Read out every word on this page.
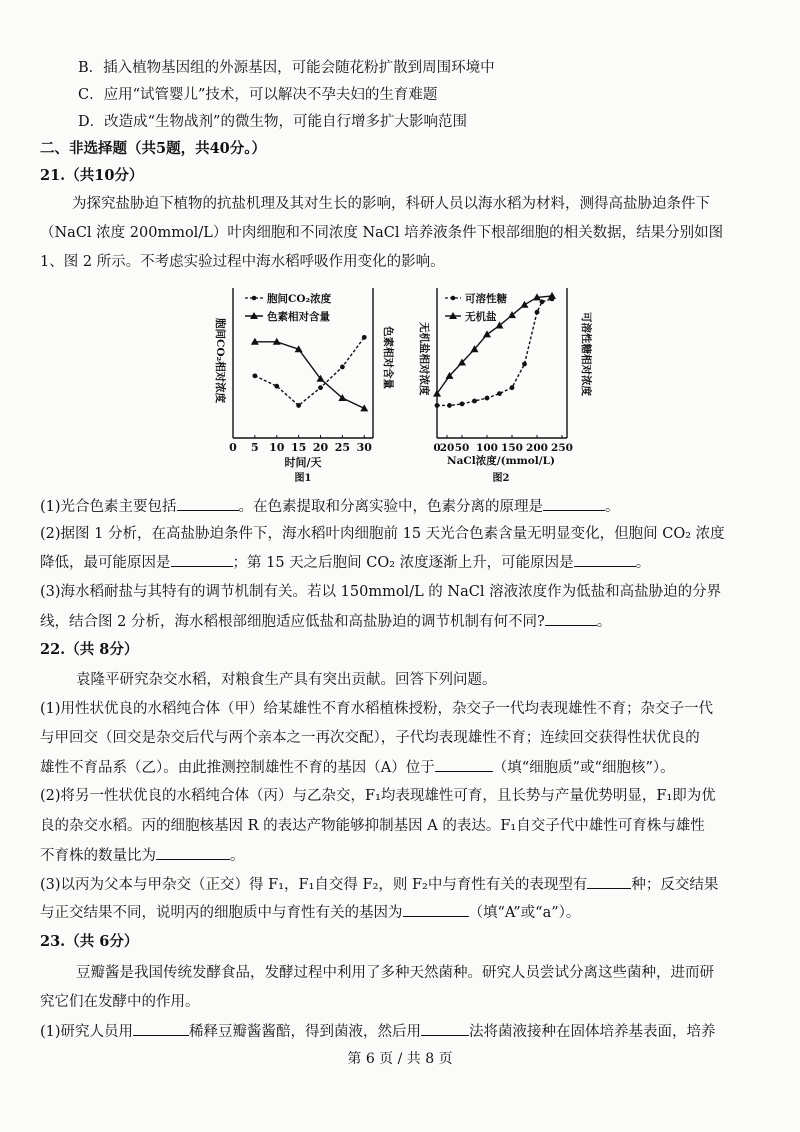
B．插入植物基因组的外源基因，可能会随花粉扩散到周围环境中
C．应用“试管婴儿”技术，可以解决不孕夫妇的生育难题
D．改造成“生物战剂”的微生物，可能自行增多扩大影响范围
二、非选择题（共5题，共40分。）
21.（共10分）
为探究盐胁迫下植物的抗盐机理及其对生长的影响，科研人员以海水稻为材料，测得高盐胁迫条件下
（NaCl 浓度 200mmol/L）叶肉细胞和不同浓度 NaCl 培养液条件下根部细胞的相关数据，结果分别如图
1、图 2 所示。不考虑实验过程中海水稻呼吸作用变化的影响。
胞间CO₂相对浓度	色素相对含量
0 5 10 15 20 25 30
时间/天
图1
胞间CO₂浓度
色素相对含量
无机盐相对浓度	可溶性糖相对浓度
0 20 50 100 150 200 250
NaCl浓度/(mmol/L)
图2
可溶性糖
无机盐
(1)光合色素主要包括	。在色素提取和分离实验中，色素分离的原理是	。
(2)据图 1 分析，在高盐胁迫条件下，海水稻叶肉细胞前 15 天光合色素含量无明显变化，但胞间 CO₂ 浓度
降低，最可能原因是	；第 15 天之后胞间 CO₂ 浓度逐渐上升，可能原因是	。
(3)海水稻耐盐与其特有的调节机制有关。若以 150mmol/L 的 NaCl 溶液浓度作为低盐和高盐胁迫的分界
线，结合图 2 分析，海水稻根部细胞适应低盐和高盐胁迫的调节机制有何不同?	。
22.（共 8分）
袁隆平研究杂交水稻，对粮食生产具有突出贡献。回答下列问题。
(1)用性状优良的水稻纯合体（甲）给某雄性不育水稻植株授粉，杂交子一代均表现雄性不育；杂交子一代
与甲回交（回交是杂交后代与两个亲本之一再次交配），子代均表现雄性不育；连续回交获得性状优良的
雄性不育品系（乙）。由此推测控制雄性不育的基因（A）位于	（填“细胞质”或“细胞核”）。
(2)将另一性状优良的水稻纯合体（丙）与乙杂交，F₁均表现雄性可育，且长势与产量优势明显，F₁即为优
良的杂交水稻。丙的细胞核基因 R 的表达产物能够抑制基因 A 的表达。F₁自交子代中雄性可育株与雄性
不育株的数量比为	。
(3)以丙为父本与甲杂交（正交）得 F₁，F₁自交得 F₂，则 F₂中与育性有关的表现型有	种；反交结果
与正交结果不同，说明丙的细胞质中与育性有关的基因为	（填“A”或“a”）。
23.（共 6分）
豆瓣酱是我国传统发酵食品，发酵过程中利用了多种天然菌种。研究人员尝试分离这些菌种，进而研
究它们在发酵中的作用。
(1)研究人员用	稀释豆瓣酱酱醅，得到菌液，然后用	法将菌液接种在固体培养基表面，培养
第 6 页 / 共 8 页
